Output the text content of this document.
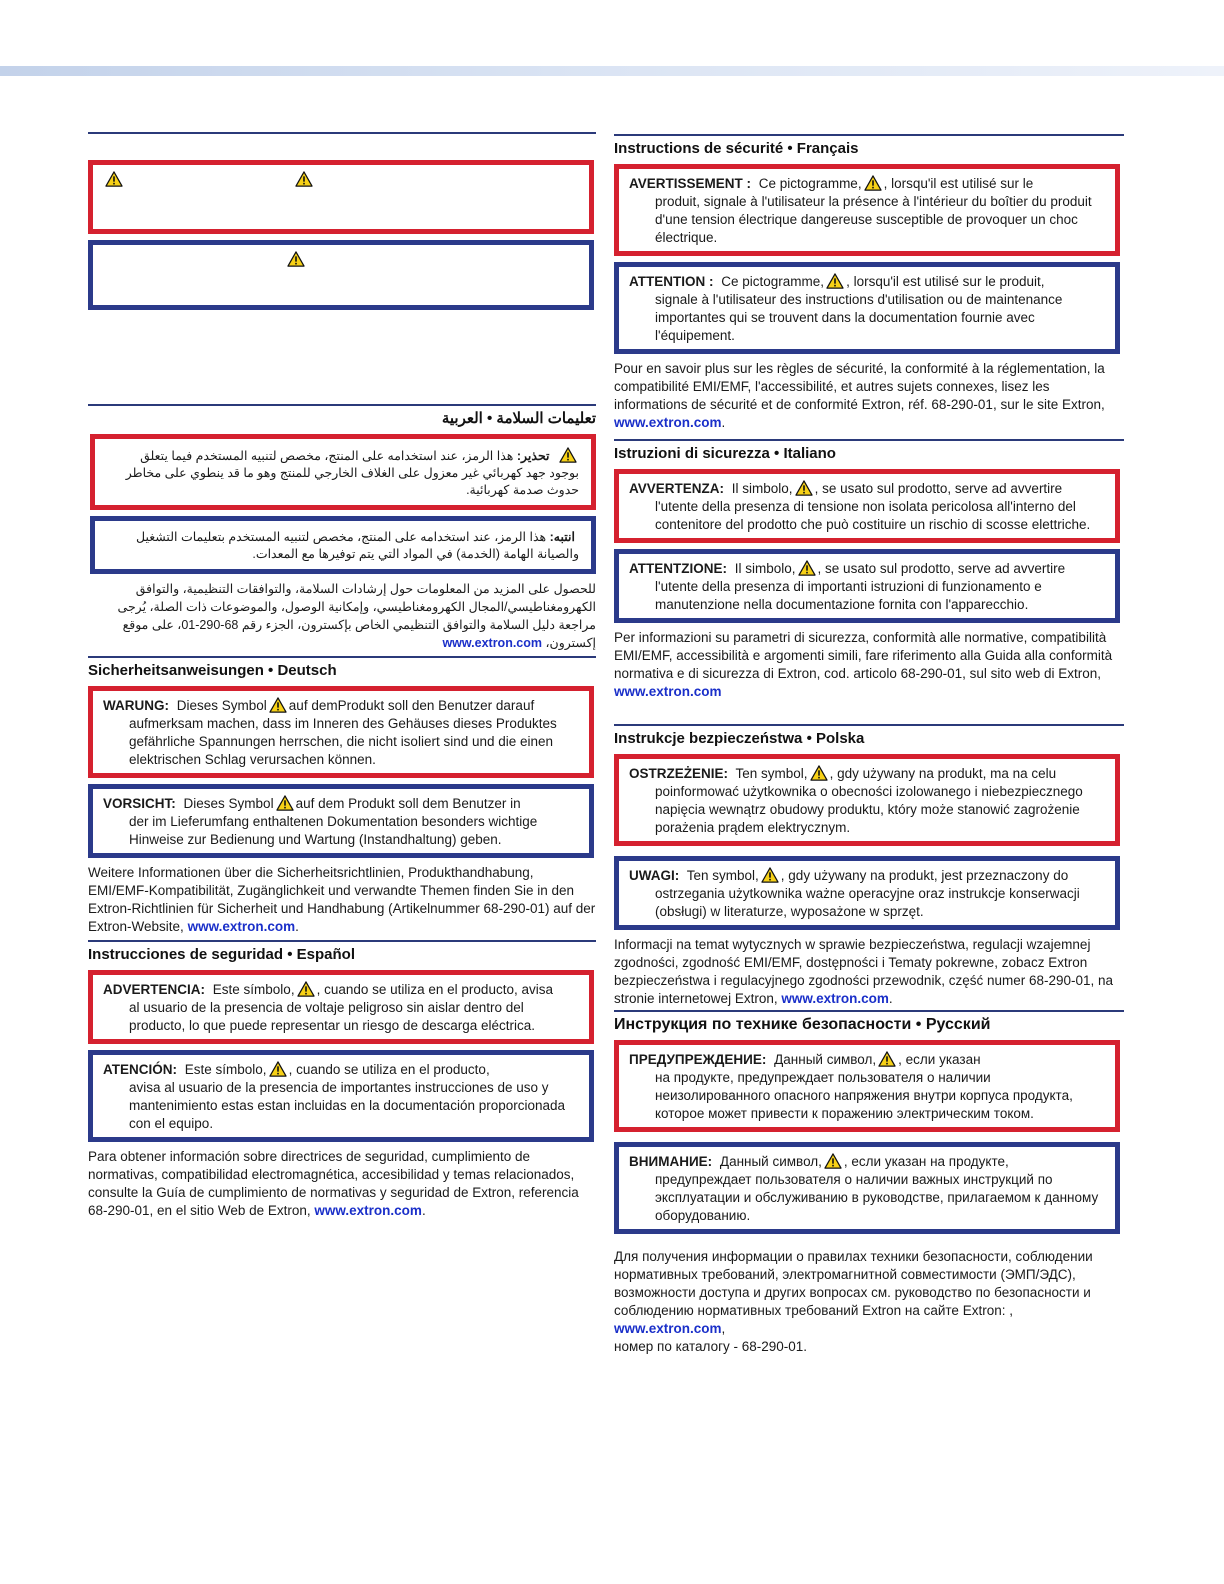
تعليمات السلامة • العربية
تحذير: هذا الرمز، عند استخدامه على المنتج، مخصص لتنبيه المستخدم فيما يتعلق بوجود جهد كهربائي غير معزول على الغلاف الخارجي للمنتج وهو ما قد ينطوي على مخاطر حدوث صدمة كهربائية.
انتبه: هذا الرمز، عند استخدامه على المنتج، مخصص لتنبيه المستخدم بتعليمات التشغيل والصيانة الهامة (الخدمة) في المواد التي يتم توفيرها مع المعدات.
للحصول على المزيد من المعلومات حول إرشادات السلامة، والتوافقات التنظيمية، والتوافق الكهرومغناطيسي/المجال الكهرومغناطيسي، وإمكانية الوصول، والموضوعات ذات الصلة، يُرجى مراجعة دليل السلامة والتوافق التنظيمي الخاص بإكسترون، الجزء رقم 68-290-01، على موقع إكسترون، www.extron.com
Sicherheitsanweisungen • Deutsch

WARUNG: Dieses Symbol auf demProdukt soll den Benutzer darauf

aufmerksam machen, dass im Inneren des Gehäuses dieses Produktes gefährliche Spannungen herrschen, die nicht isoliert sind und die einen elektrischen Schlag verursachen können.

VORSICHT: Dieses Symbol auf dem Produkt soll dem Benutzer in

der im Lieferumfang enthaltenen Dokumentation besonders wichtige Hinweise zur Bedienung und Wartung (Instandhaltung) geben.

Weitere Informationen über die Sicherheitsrichtlinien, Produkthandhabung, EMI/EMF-Kompatibilität, Zugänglichkeit und verwandte Themen finden Sie in den Extron-Richtlinien für Sicherheit und Handhabung (Artikelnummer 68-290-01) auf der Extron-Website, www.extron.com.
Instrucciones de seguridad • Español

ADVERTENCIA: Este símbolo, , cuando se utiliza en el producto, avisa

al usuario de la presencia de voltaje peligroso sin aislar dentro del producto, lo que puede representar un riesgo de descarga eléctrica.

ATENCIÓN: Este símbolo, , cuando se utiliza en el producto,

avisa al usuario de la presencia de importantes instrucciones de uso y mantenimiento estas estan incluidas en la documentación proporcionada con el equipo.

Para obtener información sobre directrices de seguridad, cumplimiento de normativas, compatibilidad electromagnética, accesibilidad y temas relacionados, consulte la Guía de cumplimiento de normativas y seguridad de Extron, referencia 68-290-01, en el sitio Web de Extron, www.extron.com.
Instructions de sécurité • Français

AVERTISSEMENT : Ce pictogramme, , lorsqu'il est utilisé sur le

produit, signale à l'utilisateur la présence à l'intérieur du boîtier du produit d'une tension électrique dangereuse susceptible de provoquer un choc électrique.

ATTENTION : Ce pictogramme, , lorsqu'il est utilisé sur le produit,

signale à l'utilisateur des instructions d'utilisation ou de maintenance importantes qui se trouvent dans la documentation fournie avec l'équipement.

Pour en savoir plus sur les règles de sécurité, la conformité à la réglementation, la compatibilité EMI/EMF, l'accessibilité, et autres sujets connexes, lisez les informations de sécurité et de conformité Extron, réf. 68-290-01, sur le site Extron, www.extron.com.
Istruzioni di sicurezza • Italiano

AVVERTENZA: Il simbolo, , se usato sul prodotto, serve ad avvertire

l'utente della presenza di tensione non isolata pericolosa all'interno del contenitore del prodotto che può costituire un rischio di scosse elettriche.

ATTENTZIONE: Il simbolo, , se usato sul prodotto, serve ad avvertire

l'utente della presenza di importanti istruzioni di funzionamento e manutenzione nella documentazione fornita con l'apparecchio.

Per informazioni su parametri di sicurezza, conformità alle normative, compatibilità EMI/EMF, accessibilità e argomenti simili, fare riferimento alla Guida alla conformità normativa e di sicurezza di Extron, cod. articolo 68-290-01, sul sito web di Extron, www.extron.com
Instrukcje bezpieczeństwa • Polska

OSTRZEŻENIE: Ten symbol, , gdy używany na produkt, ma na celu

poinformować użytkownika o obecności izolowanego i niebezpiecznego napięcia wewnątrz obudowy produktu, który może stanowić zagrożenie porażenia prądem elektrycznym.

UWAGI: Ten symbol, , gdy używany na produkt, jest przeznaczony do

ostrzegania użytkownika ważne operacyjne oraz instrukcje konserwacji (obsługi) w literaturze, wyposażone w sprzęt.

Informacji na temat wytycznych w sprawie bezpieczeństwa, regulacji wzajemnej zgodności, zgodność EMI/EMF, dostępności i Tematy pokrewne, zobacz Extron bezpieczeństwa i regulacyjnego zgodności przewodnik, część numer 68-290-01, na stronie internetowej Extron, www.extron.com.
Инструкция по технике безопасности • Русский

ПРЕДУПРЕЖДЕНИЕ: Данный символ, , если указан

на продукте, предупреждает пользователя о наличии неизолированного опасного напряжения внутри корпуса продукта, которое может привести к поражению электрическим током.

ВНИМАНИЕ: Данный символ, , если указан на продукте,

предупреждает пользователя о наличии важных инструкций по эксплуатации и обслуживанию в руководстве, прилагаемом к данному оборудованию.

Для получения информации о правилах техники безопасности, соблюдении нормативных требований, электромагнитной совместимости (ЭМП/ЭДС), возможности доступа и других вопросах см. руководство по безопасности и соблюдению нормативных требований Extron на сайте Extron: , www.extron.com,
номер по каталогу - 68-290-01.
